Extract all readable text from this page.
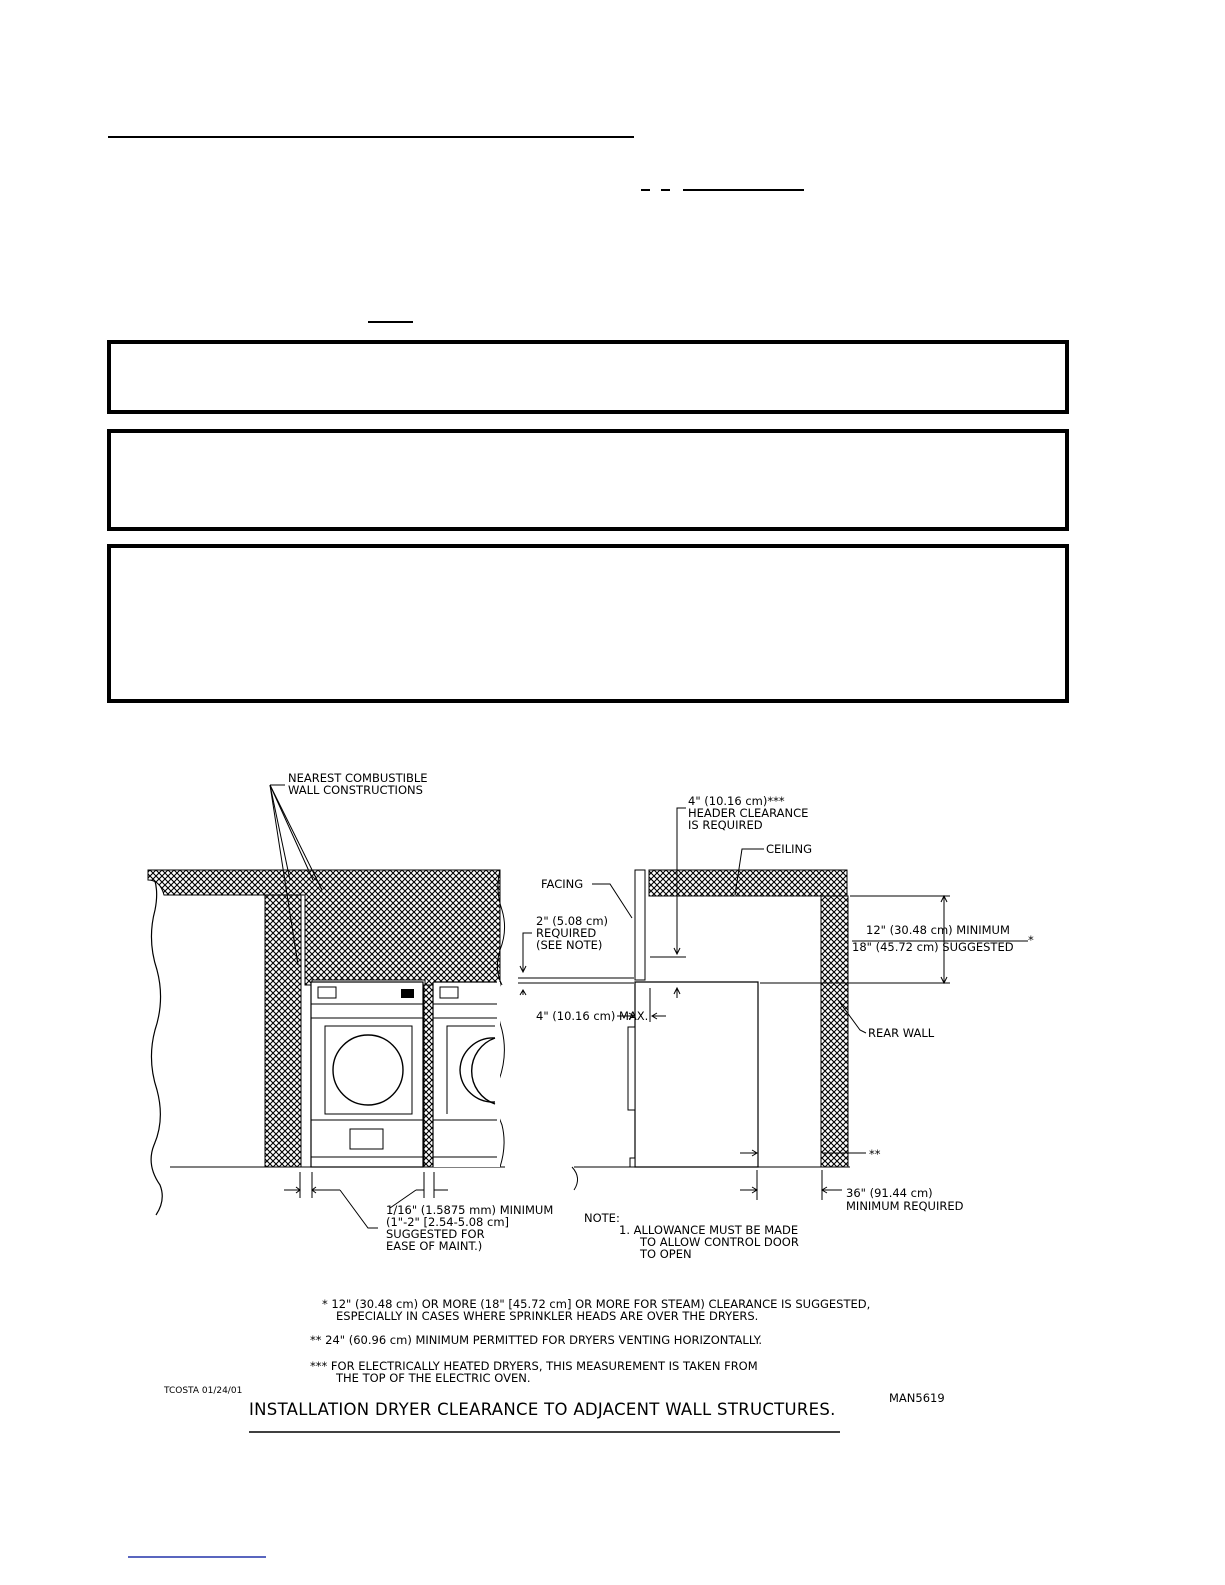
NEAREST COMBUSTIBLE
WALL CONSTRUCTIONS
1/16" (1.5875 mm) MINIMUM
(1"-2" [2.54-5.08 cm]
SUGGESTED FOR
EASE OF MAINT.)
4" (10.16 cm)***
HEADER CLEARANCE
IS REQUIRED
CEILING
FACING
2" (5.08 cm)
REQUIRED
(SEE NOTE)
4" (10.16 cm) MAX.
12" (30.48 cm) MINIMUM
18" (45.72 cm) SUGGESTED *
REAR WALL
**
36" (91.44 cm)
MINIMUM REQUIRED
NOTE:
1. ALLOWANCE MUST BE MADE
TO ALLOW CONTROL DOOR
TO OPEN
* 12" (30.48 cm) OR MORE (18" [45.72 cm] OR MORE FOR STEAM) CLEARANCE IS SUGGESTED,
ESPECIALLY IN CASES WHERE SPRINKLER HEADS ARE OVER THE DRYERS.
** 24" (60.96 cm) MINIMUM PERMITTED FOR DRYERS VENTING HORIZONTALLY.
*** FOR ELECTRICALLY HEATED DRYERS, THIS MEASUREMENT IS TAKEN FROM
THE TOP OF THE ELECTRIC OVEN.
TCOSTA 01/24/01	MAN5619
INSTALLATION DRYER CLEARANCE TO ADJACENT WALL STRUCTURES.
